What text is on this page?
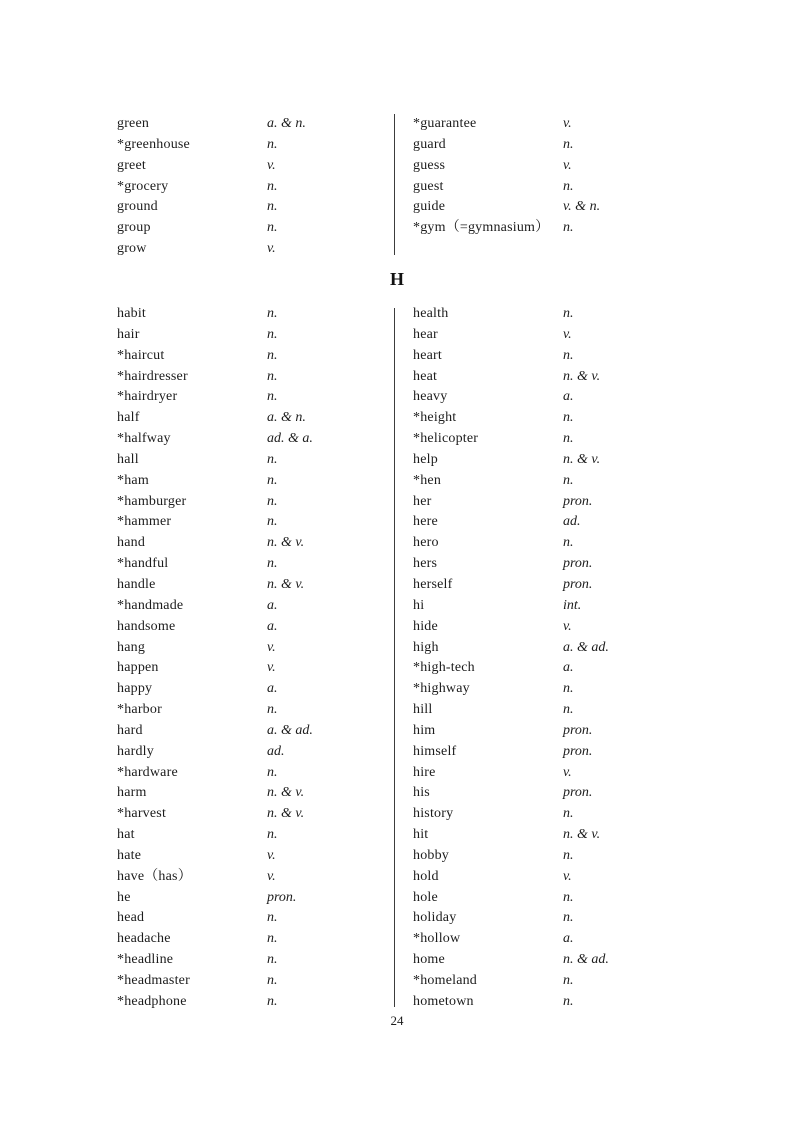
green	a. & n.
*greenhouse	n.
greet	v.
*grocery	n.
ground	n.
group	n.
grow	v.
*guarantee	v.
guard	n.
guess	v.
guest	n.
guide	v. & n.
*gym（=gymnasium） n.
H
habit	n.
hair	n.
*haircut	n.
*hairdresser	n.
*hairdryer	n.
half	a. & n.
*halfway	ad. & a.
hall	n.
*ham	n.
*hamburger	n.
*hammer	n.
hand	n. & v.
*handful	n.
handle	n. & v.
*handmade	a.
handsome	a.
hang	v.
happen	v.
happy	a.
*harbor	n.
hard	a. & ad.
hardly	ad.
*hardware	n.
harm	n. & v.
*harvest	n. & v.
hat	n.
hate	v.
have（has）	v.
he	pron.
head	n.
headache	n.
*headline	n.
*headmaster	n.
*headphone	n.
health	n.
hear	v.
heart	n.
heat	n. & v.
heavy	a.
*height	n.
*helicopter	n.
help	n. & v.
*hen	n.
her	pron.
here	ad.
hero	n.
hers	pron.
herself	pron.
hi	int.
hide	v.
high	a. & ad.
*high-tech	a.
*highway	n.
hill	n.
him	pron.
himself	pron.
hire	v.
his	pron.
history	n.
hit	n. & v.
hobby	n.
hold	v.
hole	n.
holiday	n.
*hollow	a.
home	n. & ad.
*homeland	n.
hometown	n.
24
